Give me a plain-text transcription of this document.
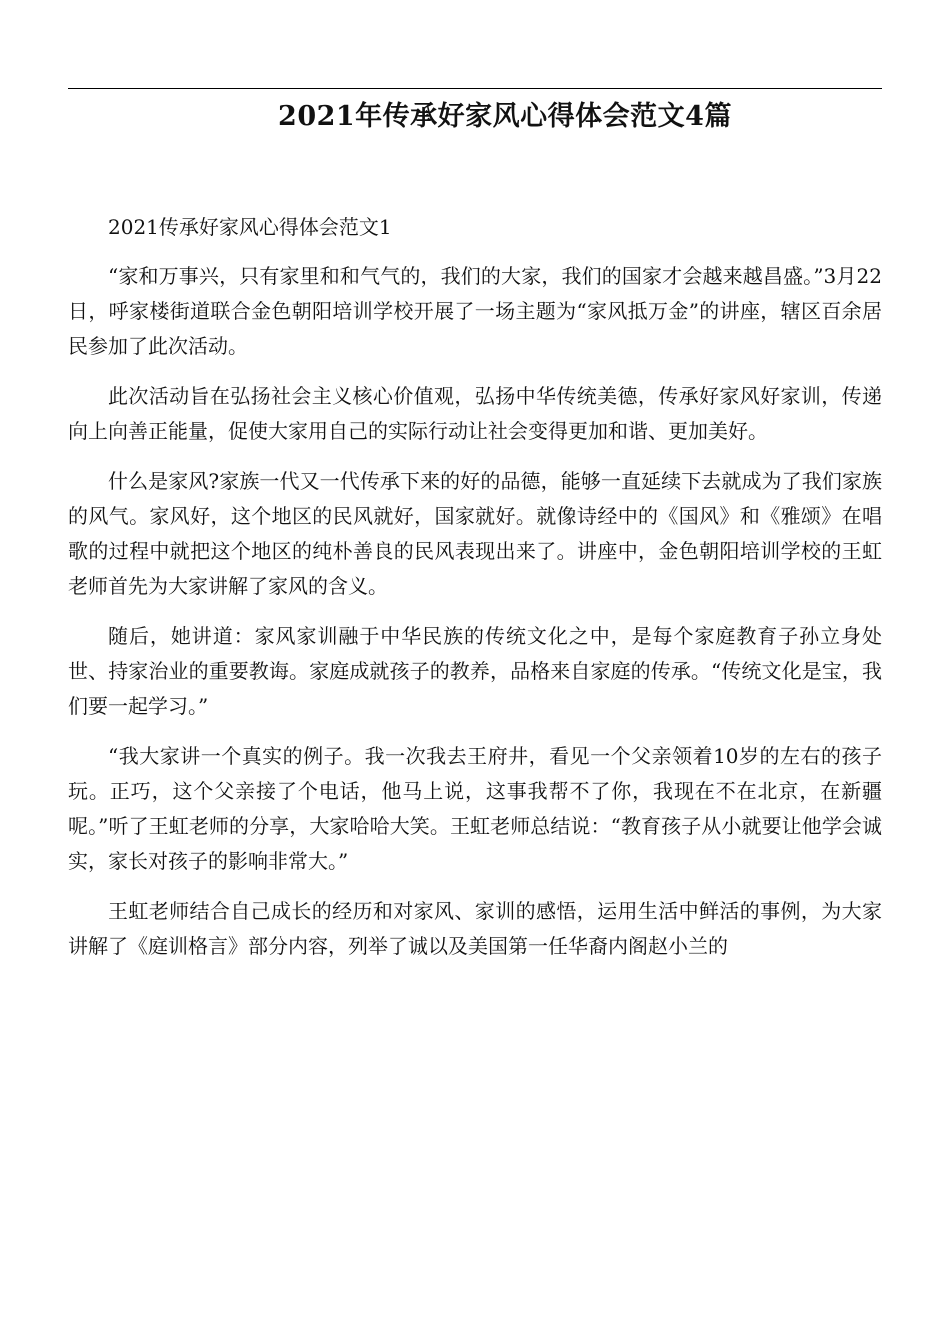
2021年传承好家风心得体会范文4篇

2021传承好家风心得体会范文1

“家和万事兴，只有家里和和气气的，我们的大家，我们的国家才会越来越昌盛。”3月22日，呼家楼街道联合金色朝阳培训学校开展了一场主题为“家风抵万金”的讲座，辖区百余居民参加了此次活动。

此次活动旨在弘扬社会主义核心价值观，弘扬中华传统美德，传承好家风好家训，传递向上向善正能量，促使大家用自己的实际行动让社会变得更加和谐、更加美好。

什么是家风?家族一代又一代传承下来的好的品德，能够一直延续下去就成为了我们家族的风气。家风好，这个地区的民风就好，国家就好。就像诗经中的《国风》和《雅颂》在唱歌的过程中就把这个地区的纯朴善良的民风表现出来了。讲座中，金色朝阳培训学校的王虹老师首先为大家讲解了家风的含义。

随后，她讲道：家风家训融于中华民族的传统文化之中，是每个家庭教育子孙立身处世、持家治业的重要教诲。家庭成就孩子的教养，品格来自家庭的传承。“传统文化是宝，我们要一起学习。”

“我大家讲一个真实的例子。我一次我去王府井，看见一个父亲领着10岁的左右的孩子玩。正巧，这个父亲接了个电话，他马上说，这事我帮不了你，我现在不在北京，在新疆呢。”听了王虹老师的分享，大家哈哈大笑。王虹老师总结说：“教育孩子从小就要让他学会诚实，家长对孩子的影响非常大。”

王虹老师结合自己成长的经历和对家风、家训的感悟，运用生活中鲜活的事例，为大家讲解了《庭训格言》部分内容，列举了诚以及美国第一任华裔内阁赵小兰的
